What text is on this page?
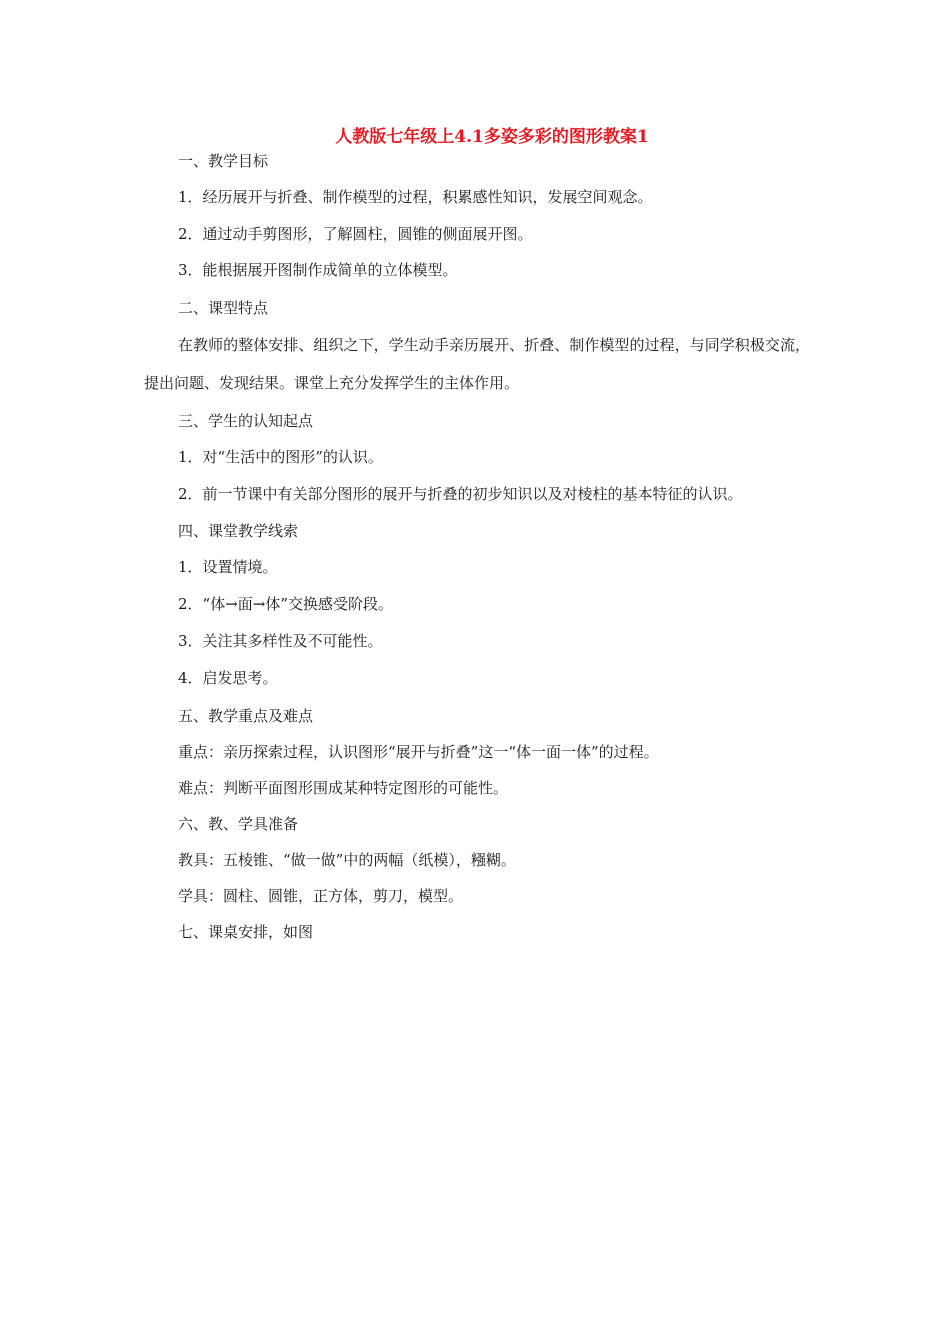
人教版七年级上4.1多姿多彩的图形教案1
一、教学目标
1．经历展开与折叠、制作模型的过程，积累感性知识，发展空间观念。
2．通过动手剪图形，了解圆柱，圆锥的侧面展开图。
3．能根据展开图制作成简单的立体模型。
二、课型特点
在教师的整体安排、组织之下，学生动手亲历展开、折叠、制作模型的过程，与同学积极交流，提出问题、发现结果。课堂上充分发挥学生的主体作用。
三、学生的认知起点
1．对“生活中的图形”的认识。
2．前一节课中有关部分图形的展开与折叠的初步知识以及对棱柱的基本特征的认识。
四、课堂教学线索
1．设置情境。
2．“体→面→体”交换感受阶段。
3．关注其多样性及不可能性。
4．启发思考。
五、教学重点及难点
重点：亲历探索过程，认识图形“展开与折叠”这一“体一面一体”的过程。
难点：判断平面图形围成某种特定图形的可能性。
六、教、学具准备
教具：五棱锥、“做一做”中的两幅（纸模），糨糊。
学具：圆柱、圆锥，正方体，剪刀，模型。
七、课桌安排，如图
